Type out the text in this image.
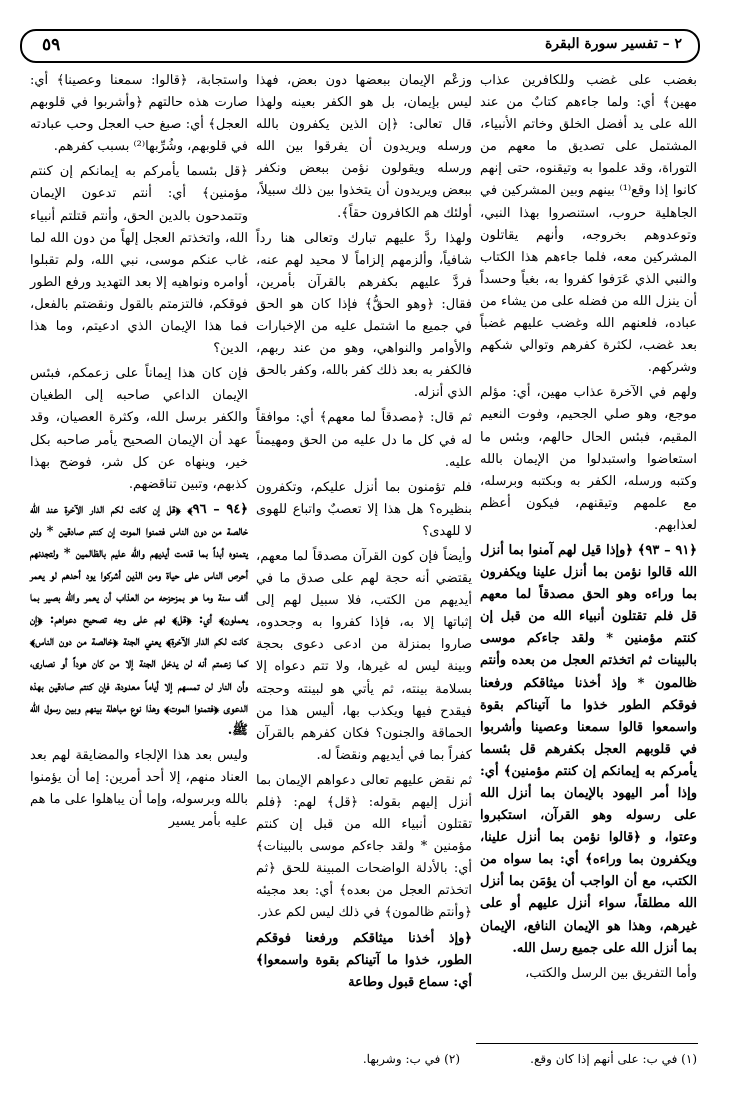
٥٩	٢ – تفسير سورة البقرة

بغضب على غضب وللكافرين عذاب مهين﴾ أي: ولما جاءهم كتابٌ من عند الله على يد أفضل الخلق وخاتم الأنبياء، المشتمل على تصديق ما معهم من التوراة، وقد علموا به وتيقنوه، حتى إنهم كانوا إذا وقع⁽¹⁾ بينهم وبين المشركين في الجاهلية حروب، استنصروا بهذا النبي، وتوعدوهم بخروجه، وأنهم يقاتلون المشركين معه، فلما جاءهم هذا الكتاب والنبي الذي عَرَفوا كفروا به، بغياً وحسداً أن ينزل الله من فضله على من يشاء من عباده، فلعنهم الله وغضب عليهم غضباً بعد غضب، لكثرة كفرهم وتوالي شكهم وشركهم.

ولهم في الآخرة عذاب مهين، أي: مؤلم موجع، وهو صلي الجحيم، وفوت النعيم المقيم، فبئس الحال حالهم، وبئس ما استعاضوا واستبدلوا من الإيمان بالله وكتبه ورسله، الكفر به وبكتبه وبرسله، مع علمهم وتيقنهم، فيكون أعظم لعذابهم.

﴿٩١ – ٩٣﴾ ﴿وإذا قيل لهم آمنوا بما أنزل الله قالوا نؤمن بما أنزل علينا ويكفرون بما وراءه وهو الحق مصدقاً لما معهم قل فلم تقتلون أنبياء الله من قبل إن كنتم مؤمنين * ولقد جاءكم موسى بالبينات ثم اتخذتم العجل من بعده وأنتم ظالمون * وإذ أخذنا ميثاقكم ورفعنا فوقكم الطور خذوا ما آتيناكم بقوة واسمعوا قالوا سمعنا وعصينا وأشربوا في قلوبهم العجل بكفرهم قل بئسما يأمركم به إيمانكم إن كنتم مؤمنين﴾ أي: وإذا أمر اليهود بالإيمان بما أنزل الله على رسوله وهو القرآن، استكبروا وعتوا، و ﴿قالوا نؤمن بما أنزل علينا، ويكفرون بما وراءه﴾ أي: بما سواه من الكتب، مع أن الواجب أن يؤمَن بما أنزل الله مطلقاً، سواء أنزل عليهم أو على غيرهم، وهذا هو الإيمان النافع، الإيمان بما أنزل الله على جميع رسل الله.

وأما التفريق بين الرسل والكتب،

وزعْم الإيمان ببعضها دون بعض، فهذا ليس بإيمان، بل هو الكفر بعينه ولهذا قال تعالى: ﴿إن الذين يكفرون بالله ورسله ويريدون أن يفرقوا بين الله ورسله ويقولون نؤمن ببعض ونكفر ببعض ويريدون أن يتخذوا بين ذلك سبيلاً، أولئك هم الكافرون حقاً﴾.

ولهذا ردَّ عليهم تبارك وتعالى هنا رداً شافياً، وألزمهم إلزاماً لا محيد لهم عنه، فردَّ عليهم بكفرهم بالقرآن بأمرين، فقال: ﴿وهو الحقُّ﴾ فإذا كان هو الحق في جميع ما اشتمل عليه من الإخبارات والأوامر والنواهي، وهو من عند ربهم، فالكفر به بعد ذلك كفر بالله، وكفر بالحق الذي أنزله.

ثم قال: ﴿مصدقاً لما معهم﴾ أي: موافقاً له في كل ما دل عليه من الحق ومهيمناً عليه.

فلم تؤمنون بما أنزل عليكم، وتكفرون بنظيره؟ هل هذا إلا تعصبٌ واتباع للهوى لا للهدى؟

وأيضاً فإن كون القرآن مصدقاً لما معهم، يقتضي أنه حجة لهم على صدق ما في أيديهم من الكتب، فلا سبيل لهم إلى إثباتها إلا به، فإذا كفروا به وجحدوه، صاروا بمنزلة من ادعى دعوى بحجة وبينة ليس له غيرها، ولا تتم دعواه إلا بسلامة بينته، ثم يأتي هو لبينته وحجته فيقدح فيها ويكذب بها، أليس هذا من الحماقة والجنون؟ فكان كفرهم بالقرآن كفراً بما في أيديهم ونقضاً له.

ثم نقض عليهم تعالى دعواهم الإيمان بما أنزل إليهم بقوله: ﴿قل﴾ لهم: ﴿فلم تقتلون أنبياء الله من قبل إن كنتم مؤمنين * ولقد جاءكم موسى بالبينات﴾ أي: بالأدلة الواضحات المبينة للحق ﴿ثم اتخذتم العجل من بعده﴾ أي: بعد مجيئه ﴿وأنتم ظالمون﴾ في ذلك ليس لكم عذر.

﴿وإذ أخذنا ميثاقكم ورفعنا فوقكم الطور، خذوا ما آتيناكم بقوة واسمعوا﴾ أي: سماع قبول وطاعة

واستجابة، ﴿قالوا: سمعنا وعصينا﴾ أي: صارت هذه حالتهم ﴿وأشربوا في قلوبهم العجل﴾ أي: صبغ حب العجل وحب عبادته في قلوبهم، وشُرِّبها⁽²⁾ بسبب كفرهم.

﴿قل بئسما يأمركم به إيمانكم إن كنتم مؤمنين﴾ أي: أنتم تدعون الإيمان وتتمدحون بالدين الحق، وأنتم قتلتم أنبياء الله، واتخذتم العجل إلهاً من دون الله لما غاب عنكم موسى، نبي الله، ولم تقبلوا أوامره ونواهيه إلا بعد التهديد ورفع الطور فوقكم، فالتزمتم بالقول ونقضتم بالفعل، فما هذا الإيمان الذي ادعيتم، وما هذا الدين؟

فإن كان هذا إيماناً على زعمكم، فبئس الإيمان الداعي صاحبه إلى الطغيان والكفر برسل الله، وكثرة العصيان، وقد عهد أن الإيمان الصحيح يأمر صاحبه بكل خير، وينهاه عن كل شر، فوضح بهذا كذبهم، وتبين تناقضهم.

﴿٩٤ – ٩٦﴾ ﴿قل إن كانت لكم الدار الآخرة عند الله خالصة من دون الناس فتمنوا الموت إن كنتم صادقين * ولن يتمنوه أبداً بما قدمت أيديهم والله عليم بالظالمين * ولتجدنهم أحرص الناس على حياة ومن الذين أشركوا يود أحدهم لو يعمر ألف سنة وما هو بمزحزحه من العذاب أن يعمر والله بصير بما يعملون﴾ أي: ﴿قل﴾ لهم على وجه تصحيح دعواهم: ﴿إن كانت لكم الدار الآخرة﴾ يعني الجنة ﴿خالصة من دون الناس﴾ كما زعمتم أنه لن يدخل الجنة إلا من كان هوداً أو نصارى، وأن النار لن تمسهم إلا أياماً معدودة، فإن كنتم صادقين بهذه الدعوى ﴿فتمنوا الموت﴾ وهذا نوع مباهلة بينهم وبين رسول الله ﷺ.

وليس بعد هذا الإلجاء والمضايقة لهم بعد العناد منهم، إلا أحد أمرين: إما أن يؤمنوا بالله وبرسوله، وإما أن يباهلوا على ما هم عليه بأمر يسير

(١) في ب: على أنهم إذا كان وقع.
(٢) في ب: وشربها.
